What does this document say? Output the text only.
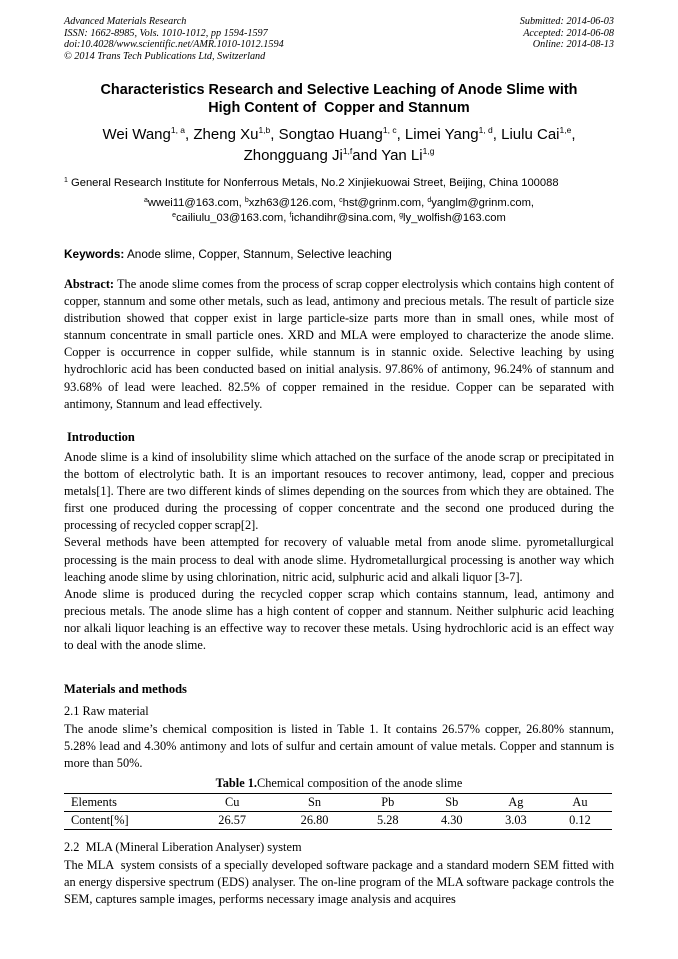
Advanced Materials Research
ISSN: 1662-8985, Vols. 1010-1012, pp 1594-1597
doi:10.4028/www.scientific.net/AMR.1010-1012.1594
© 2014 Trans Tech Publications Ltd, Switzerland
Submitted: 2014-06-03
Accepted: 2014-06-08
Online: 2014-08-13
Characteristics Research and Selective Leaching of Anode Slime with
High Content of  Copper and Stannum
Wei Wang$^{1, a}$, Zheng Xu$^{1,b}$, Songtao Huang$^{1, c}$, Limei Yang$^{1, d}$, Liulu Cai$^{1,e}$,
Zhongguang Ji$^{1,f}$and Yan Li$^{1,g}$
$^1$ General Research Institute for Nonferrous Metals, No.2 Xinjiekuowai Street, Beijing, China 100088
$^a$wwei11@163.com, $^b$xzh63@126.com, $^c$hst@grinm.com, $^d$yanglm@grinm.com,
$^e$cailiulu_03@163.com, $^f$ichandihr@sina.com, $^g$ly_wolfish@163.com
Keywords: Anode slime, Copper, Stannum, Selective leaching

Abstract: The anode slime comes from the process of scrap copper electrolysis which contains high content of copper, stannum and some other metals, such as lead, antimony and precious metals. The result of particle size distribution showed that copper exist in large particle-size parts more than in small ones, while most of stannum concentrate in small particle ones. XRD and MLA were employed to characterize the anode slime. Copper is occurrence in copper sulfide, while stannum is in stannic oxide. Selective leaching by using hydrochloric acid has been conducted based on initial analysis. 97.86% of antimony, 96.24% of stannum and 93.68% of lead were leached. 82.5% of copper remained in the residue. Copper can be separated with antimony, Stannum and lead effectively.

Introduction

Anode slime is a kind of insolubility slime which attached on the surface of the anode scrap or precipitated in the bottom of electrolytic bath. It is an important resouces to recover antimony, lead, copper and precious metals[1]. There are two different kinds of slimes depending on the sources from which they are obtained. The first one produced during the processing of copper concentrate and the second one produced during the processing of recycled copper scrap[2].

Several methods have been attempted for recovery of valuable metal from anode slime. pyrometallurgical processing is the main process to deal with anode slime. Hydrometallurgical processing is another way which leaching anode slime by using chlorination, nitric acid, sulphuric acid and alkali liquor [3-7].

Anode slime is produced during the recycled copper scrap which contains stannum, lead, antimony and precious metals. The anode slime has a high content of copper and stannum. Neither sulphuric acid leaching nor alkali liquor leaching is an effective way to recover these metals. Using hydrochloric acid is an effect way to deal with the anode slime.

Materials and methods
2.1 Raw material

The anode slime’s chemical composition is listed in Table 1. It contains 26.57% copper, 26.80% stannum, 5.28% lead and 4.30% antimony and lots of sulfur and certain amount of value metals. Copper and stannum is more than 50%.

Table 1.Chemical composition of the anode slime
Elements	Cu	Sn	Pb	Sb	Ag	Au
Content[%]	26.57	26.80	5.28	4.30	3.03	0.12
2.2  MLA (Mineral Liberation Analyser) system

The MLA  system consists of a specially developed software package and a standard modern SEM fitted with an energy dispersive spectrum (EDS) analyser. The on-line program of the MLA software package controls the SEM, captures sample images, performs necessary image analysis and acquires
